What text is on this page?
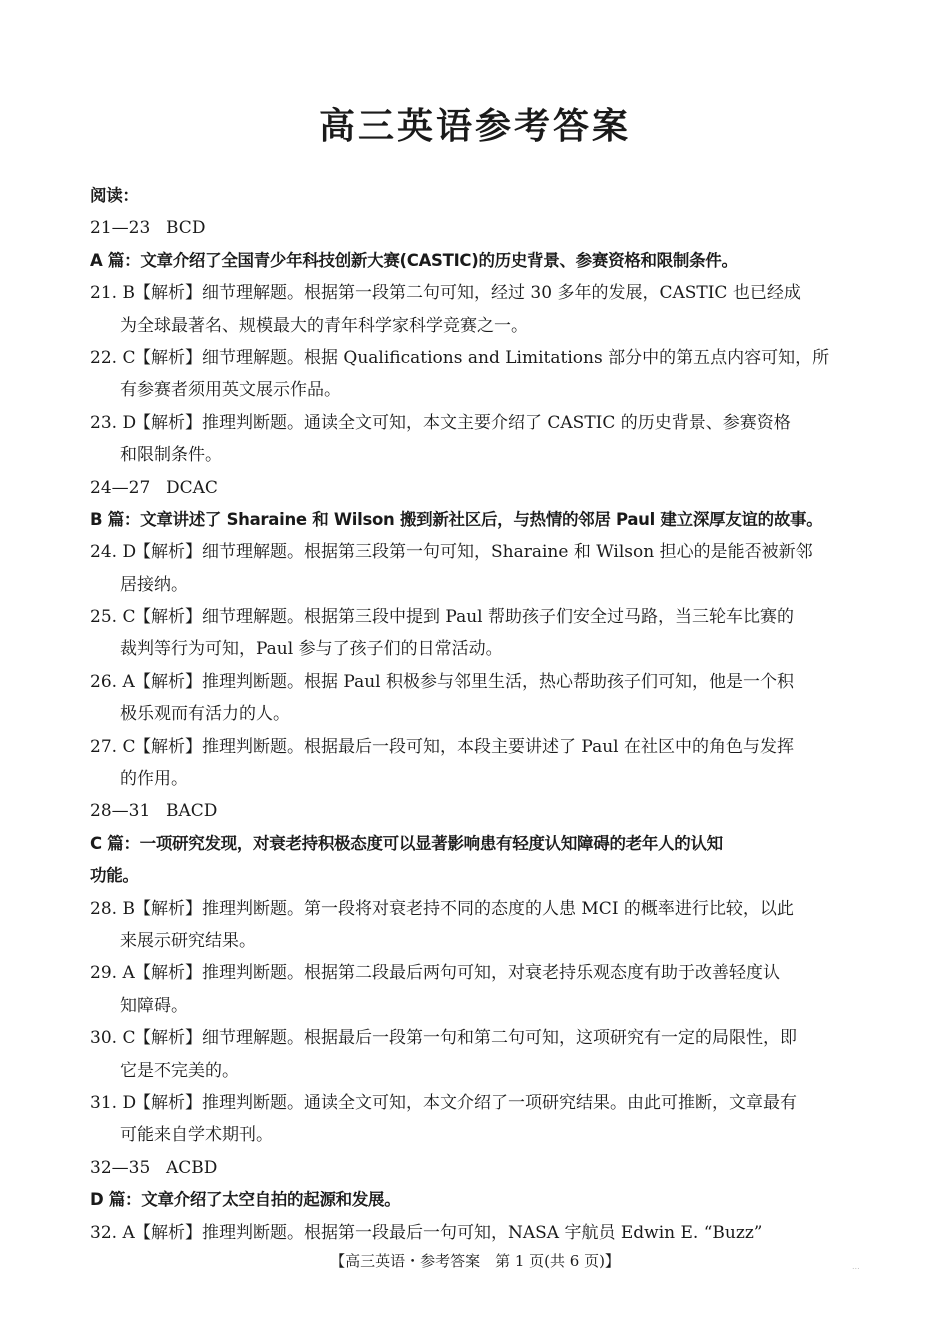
高三英语参考答案
阅读：
21—23 BCD
A 篇：文章介绍了全国青少年科技创新大赛(CASTIC)的历史背景、参赛资格和限制条件。
21. B【解析】细节理解题。根据第一段第二句可知，经过 30 多年的发展，CASTIC 也已经成
为全球最著名、规模最大的青年科学家科学竞赛之一。
22. C【解析】细节理解题。根据 Qualifications and Limitations 部分中的第五点内容可知，所
有参赛者须用英文展示作品。
23. D【解析】推理判断题。通读全文可知，本文主要介绍了 CASTIC 的历史背景、参赛资格
和限制条件。
24—27 DCAC
B 篇：文章讲述了 Sharaine 和 Wilson 搬到新社区后，与热情的邻居 Paul 建立深厚友谊的故事。
24. D【解析】细节理解题。根据第三段第一句可知，Sharaine 和 Wilson 担心的是能否被新邻
居接纳。
25. C【解析】细节理解题。根据第三段中提到 Paul 帮助孩子们安全过马路，当三轮车比赛的
裁判等行为可知，Paul 参与了孩子们的日常活动。
26. A【解析】推理判断题。根据 Paul 积极参与邻里生活，热心帮助孩子们可知，他是一个积
极乐观而有活力的人。
27. C【解析】推理判断题。根据最后一段可知，本段主要讲述了 Paul 在社区中的角色与发挥
的作用。
28—31 BACD
C 篇：一项研究发现，对衰老持积极态度可以显著影响患有轻度认知障碍的老年人的认知
功能。
28. B【解析】推理判断题。第一段将对衰老持不同的态度的人患 MCI 的概率进行比较，以此
来展示研究结果。
29. A【解析】推理判断题。根据第二段最后两句可知，对衰老持乐观态度有助于改善轻度认
知障碍。
30. C【解析】细节理解题。根据最后一段第一句和第二句可知，这项研究有一定的局限性，即
它是不完美的。
31. D【解析】推理判断题。通读全文可知，本文介绍了一项研究结果。由此可推断，文章最有
可能来自学术期刊。
32—35 ACBD
D 篇：文章介绍了太空自拍的起源和发展。
32. A【解析】推理判断题。根据第一段最后一句可知，NASA 宇航员 Edwin E. “Buzz”
【高三英语・参考答案　第 1 页(共 6 页)】	...
